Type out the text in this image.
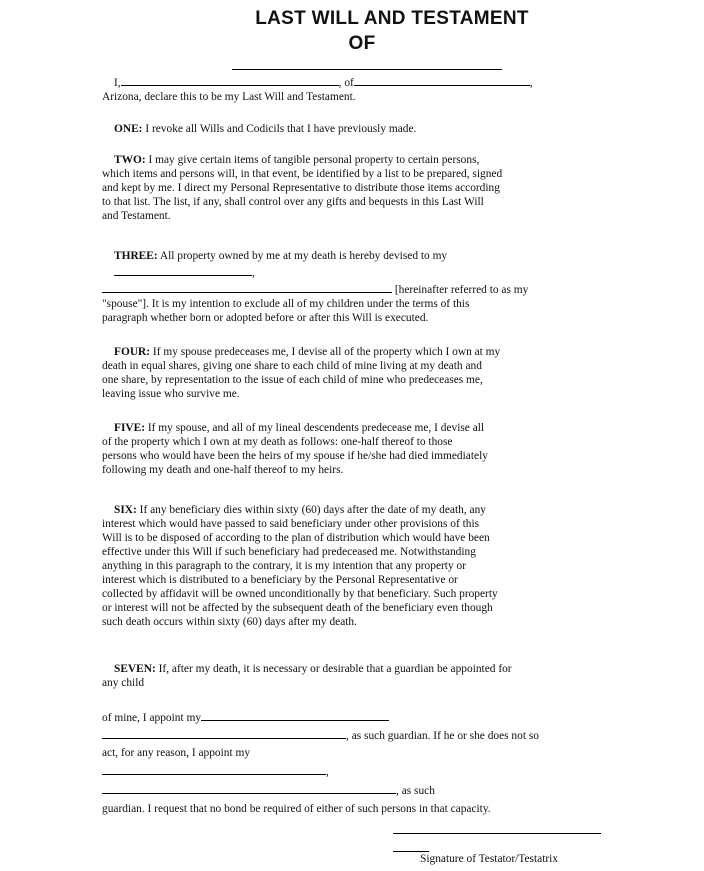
LAST WILL AND TESTAMENT
OF

I,	, of	,

Arizona, declare this to be my Last Will and Testament.

ONE: I revoke all Wills and Codicils that I have previously made.

TWO: I may give certain items of tangible personal property to certain persons,

which items and persons will, in that event, be identified by a list to be prepared, signed

and kept by me. I direct my Personal Representative to distribute those items according

to that list. The list, if any, shall control over any gifts and bequests in this Last Will

and Testament.

THREE: All property owned by me at my death is hereby devised to my

,

[hereinafter referred to as my

"spouse"]. It is my intention to exclude all of my children under the terms of this

paragraph whether born or adopted before or after this Will is executed.

FOUR: If my spouse predeceases me, I devise all of the property which I own at my

death in equal shares, giving one share to each child of mine living at my death and

one share, by representation to the issue of each child of mine who predeceases me,

leaving issue who survive me.

FIVE: If my spouse, and all of my lineal descendents predecease me, I devise all

of the property which I own at my death as follows: one-half thereof to those

persons who would have been the heirs of my spouse if he/she had died immediately

following my death and one-half thereof to my heirs.

SIX: If any beneficiary dies within sixty (60) days after the date of my death, any

interest which would have passed to said beneficiary under other provisions of this

Will is to be disposed of according to the plan of distribution which would have been

effective under this Will if such beneficiary had predeceased me. Notwithstanding

anything in this paragraph to the contrary, it is my intention that any property or

interest which is distributed to a beneficiary by the Personal Representative or

collected by affidavit will be owned unconditionally by that beneficiary. Such property

or interest will not be affected by the subsequent death of the beneficiary even though

such death occurs within sixty (60) days after my death.

SEVEN: If, after my death, it is necessary or desirable that a guardian be appointed for

any child

of mine, I appoint my

, as such guardian. If he or she does not so

act, for any reason, I appoint my

,

, as such

guardian. I request that no bond be required of either of such persons in that capacity.

Signature of Testator/Testatrix
